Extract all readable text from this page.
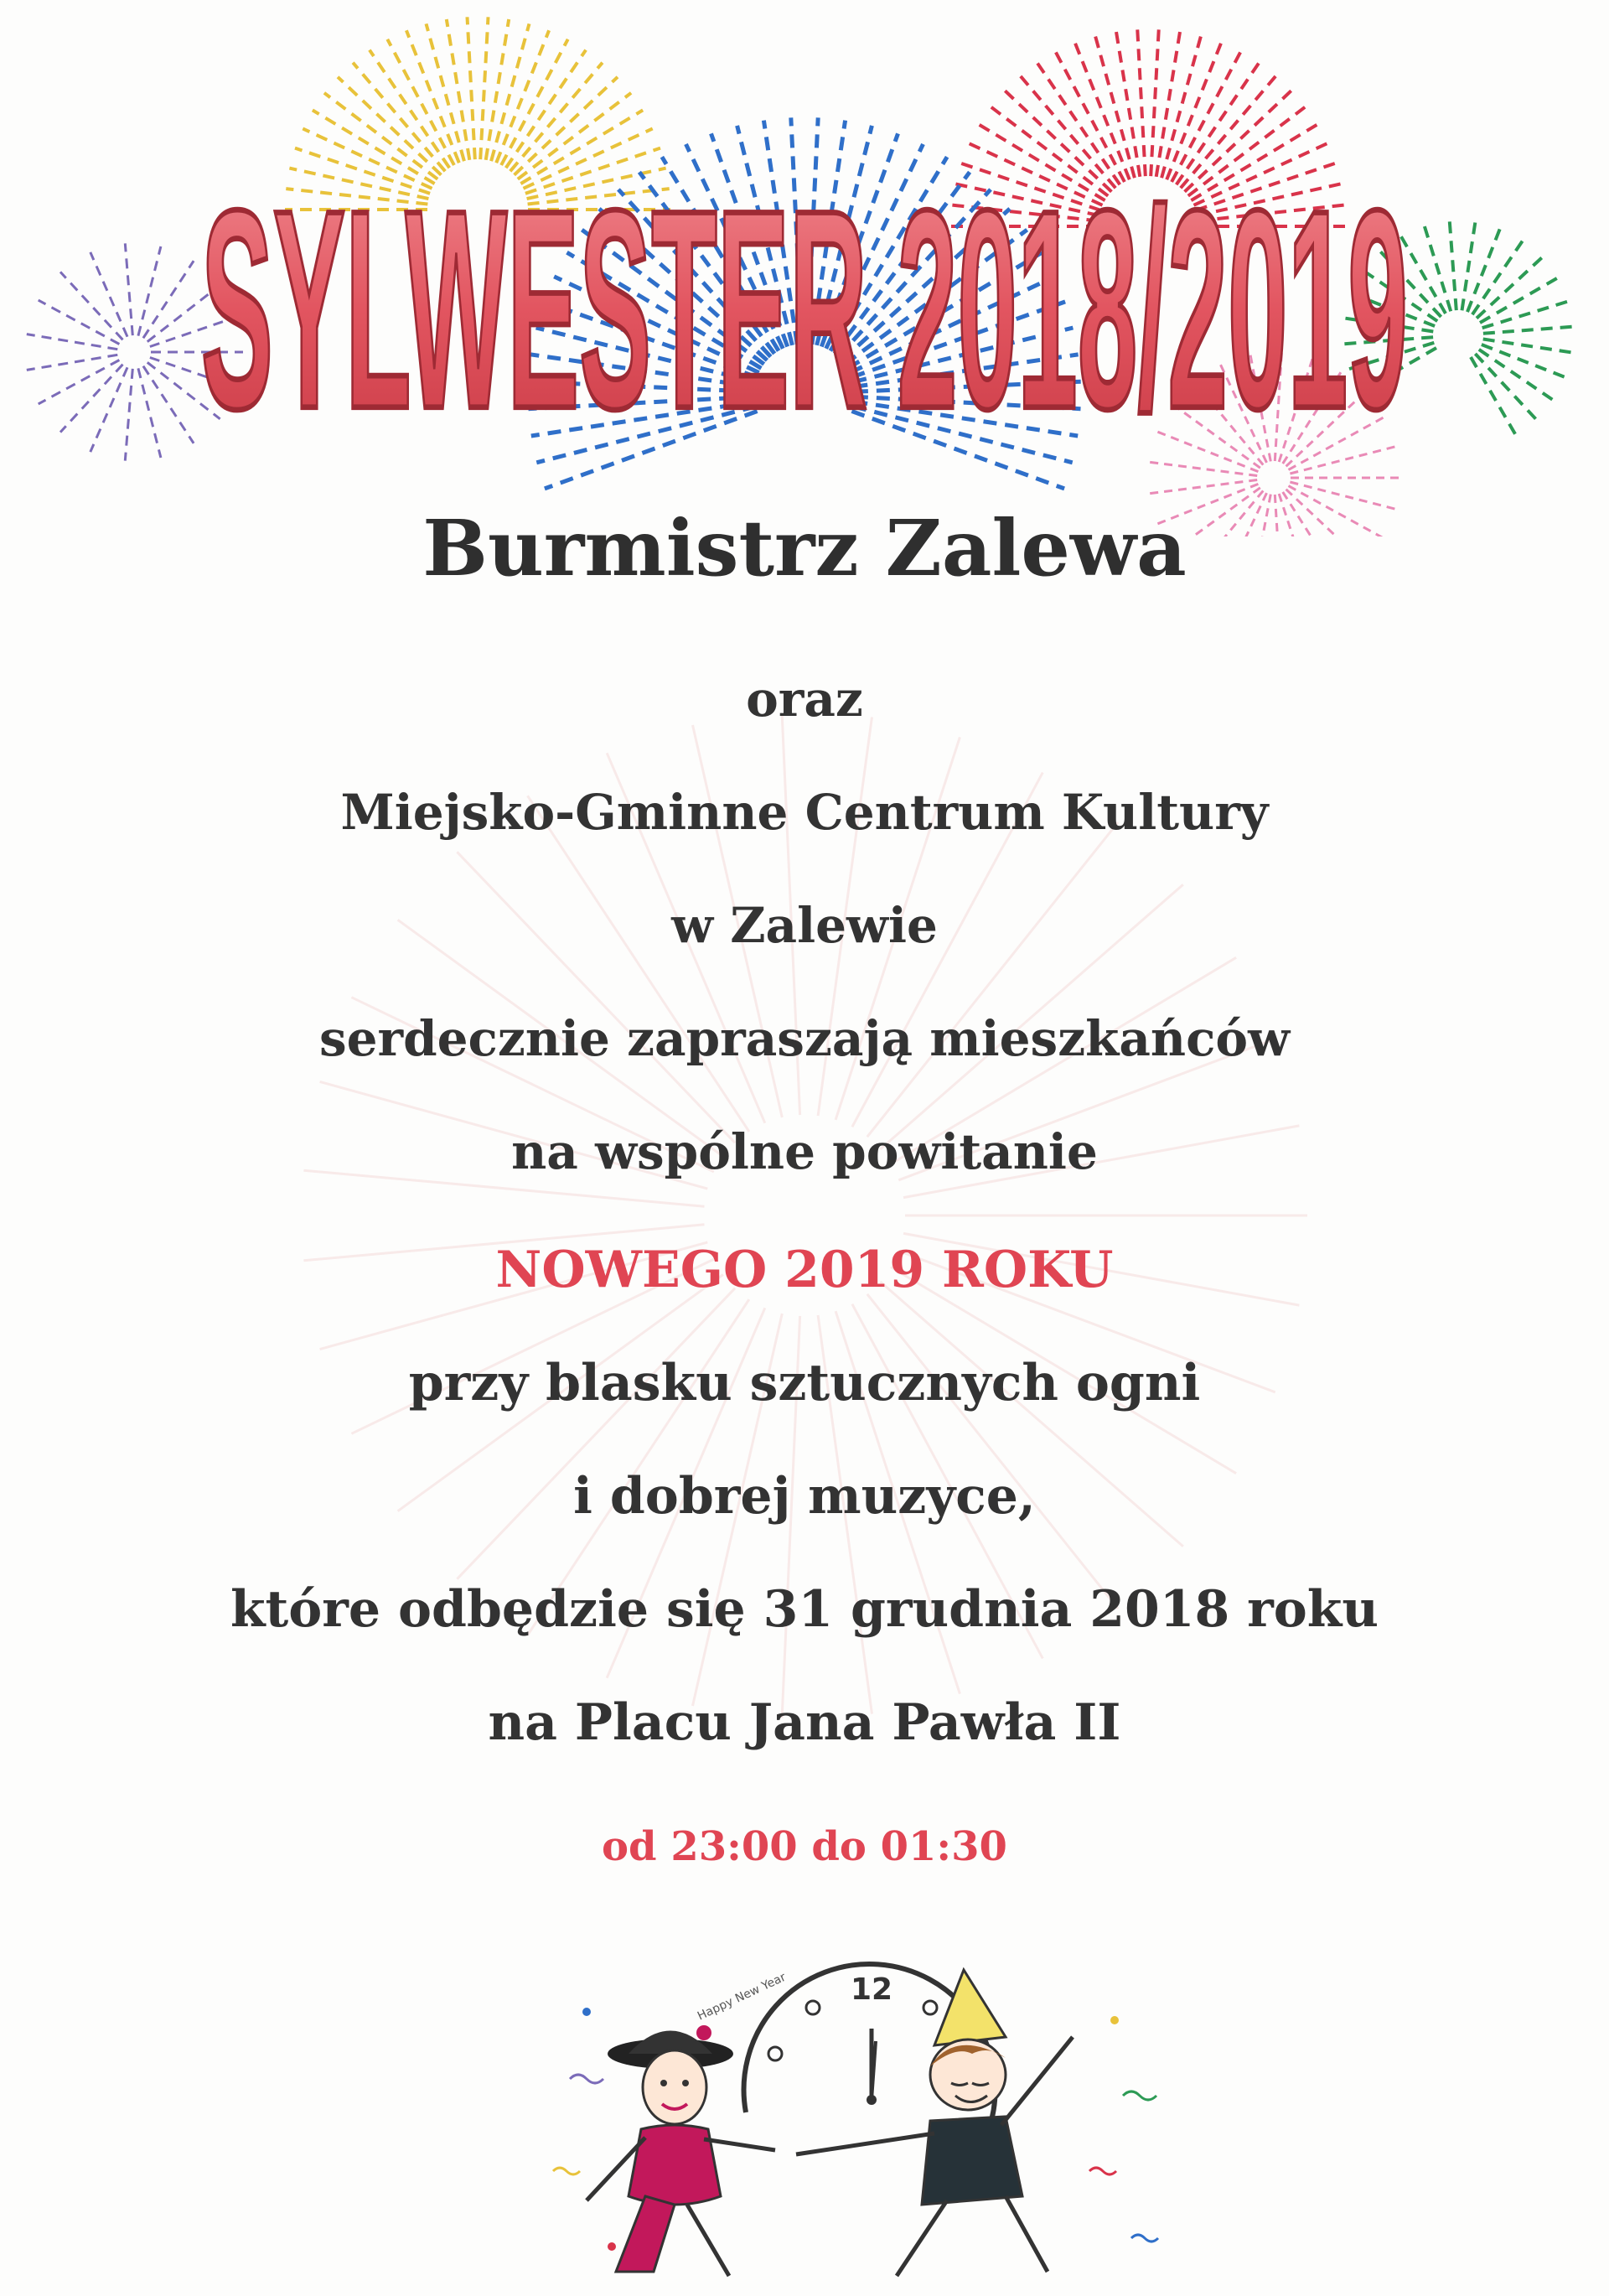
SYLWESTER 2018/2019
Burmistrz Zalewa
oraz
Miejsko-Gminne Centrum Kultury
w Zalewie
serdecznie zapraszają mieszkańców
na wspólne powitanie
NOWEGO 2019 ROKU
przy blasku sztucznych ogni
i dobrej muzyce,
które odbędzie się 31 grudnia 2018 roku
na Placu Jana Pawła II
od 23:00 do 01:30
12
Happy New Year
